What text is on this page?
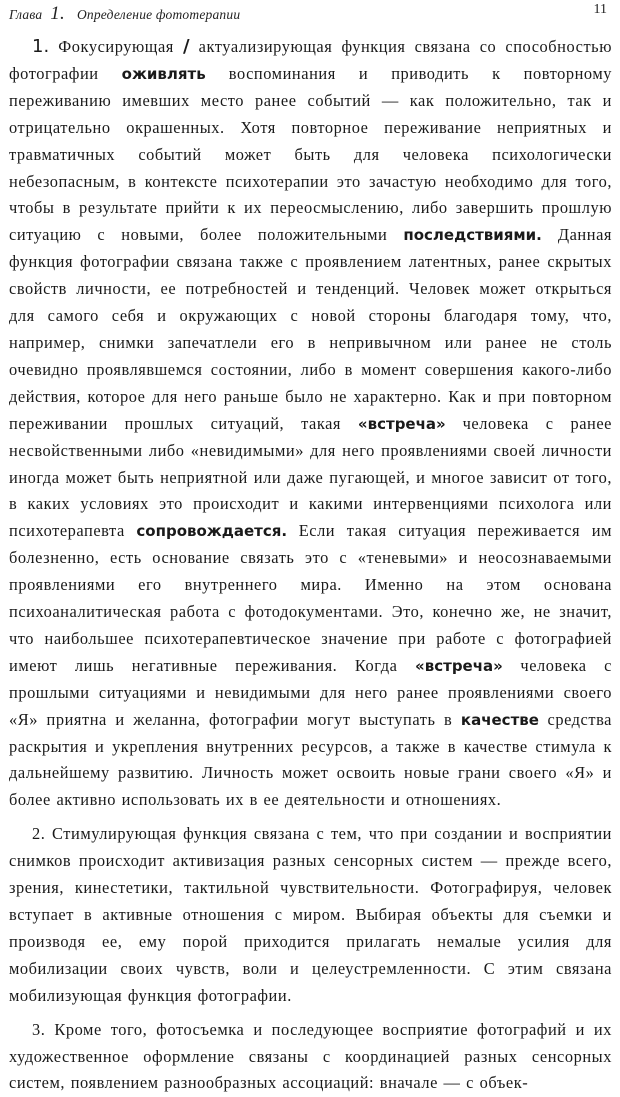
Глава 1. Определение фототерапии	11

1. Фокусирующая / актуализирующая функция связана со способностью фотографии оживлять воспоминания и приводить к повторному переживанию имевших место ранее событий — как положительно, так и отрицательно окрашенных. Хотя повторное переживание неприятных и травматичных событий может быть для человека психологически небезопасным, в контексте психотерапии это зачастую необходимо для того, чтобы в результате прийти к их переосмыслению, либо завершить прошлую ситуацию с новыми, более положительными последствиями. Данная функция фотографии связана также с проявлением латентных, ранее скрытых свойств личности, ее потребностей и тенденций. Человек может открыться для самого себя и окружающих с новой стороны благодаря тому, что, например, снимки запечатлели его в непривычном или ранее не столь очевидно проявлявшемся состоянии, либо в момент совершения какого-либо действия, которое для него раньше было не характерно. Как и при повторном переживании прошлых ситуаций, такая «встреча» человека с ранее несвойственными либо «невидимыми» для него проявлениями своей личности иногда может быть неприятной или даже пугающей, и многое зависит от того, в каких условиях это происходит и какими интервенциями психолога или психотерапевта сопровождается. Если такая ситуация переживается им болезненно, есть основание связать это с «теневыми» и неосознаваемыми проявлениями его внутреннего мира. Именно на этом основана психоаналитическая работа с фотодокументами. Это, конечно же, не значит, что наибольшее психотерапевтическое значение при работе с фотографией имеют лишь негативные переживания. Когда «встреча» человека с прошлыми ситуациями и невидимыми для него ранее проявлениями своего «Я» приятна и желанна, фотографии могут выступать в качестве средства раскрытия и укрепления внутренних ресурсов, а также в качестве стимула к дальнейшему развитию. Личность может освоить новые грани своего «Я» и более активно использовать их в ее деятельности и отношениях.

2. Стимулирующая функция связана с тем, что при создании и восприятии снимков происходит активизация разных сенсорных систем — прежде всего, зрения, кинестетики, тактильной чувствительности. Фотографируя, человек вступает в активные отношения с миром. Выбирая объекты для съемки и производя ее, ему порой приходится прилагать немалые усилия для мобилизации своих чувств, воли и целеустремленности. С этим связана мобилизующая функция фотографии.

3. Кроме того, фотосъемка и последующее восприятие фотографий и их художественное оформление связаны с координацией разных сенсорных систем, появлением разнообразных ассоциаций: вначале — с объек-
